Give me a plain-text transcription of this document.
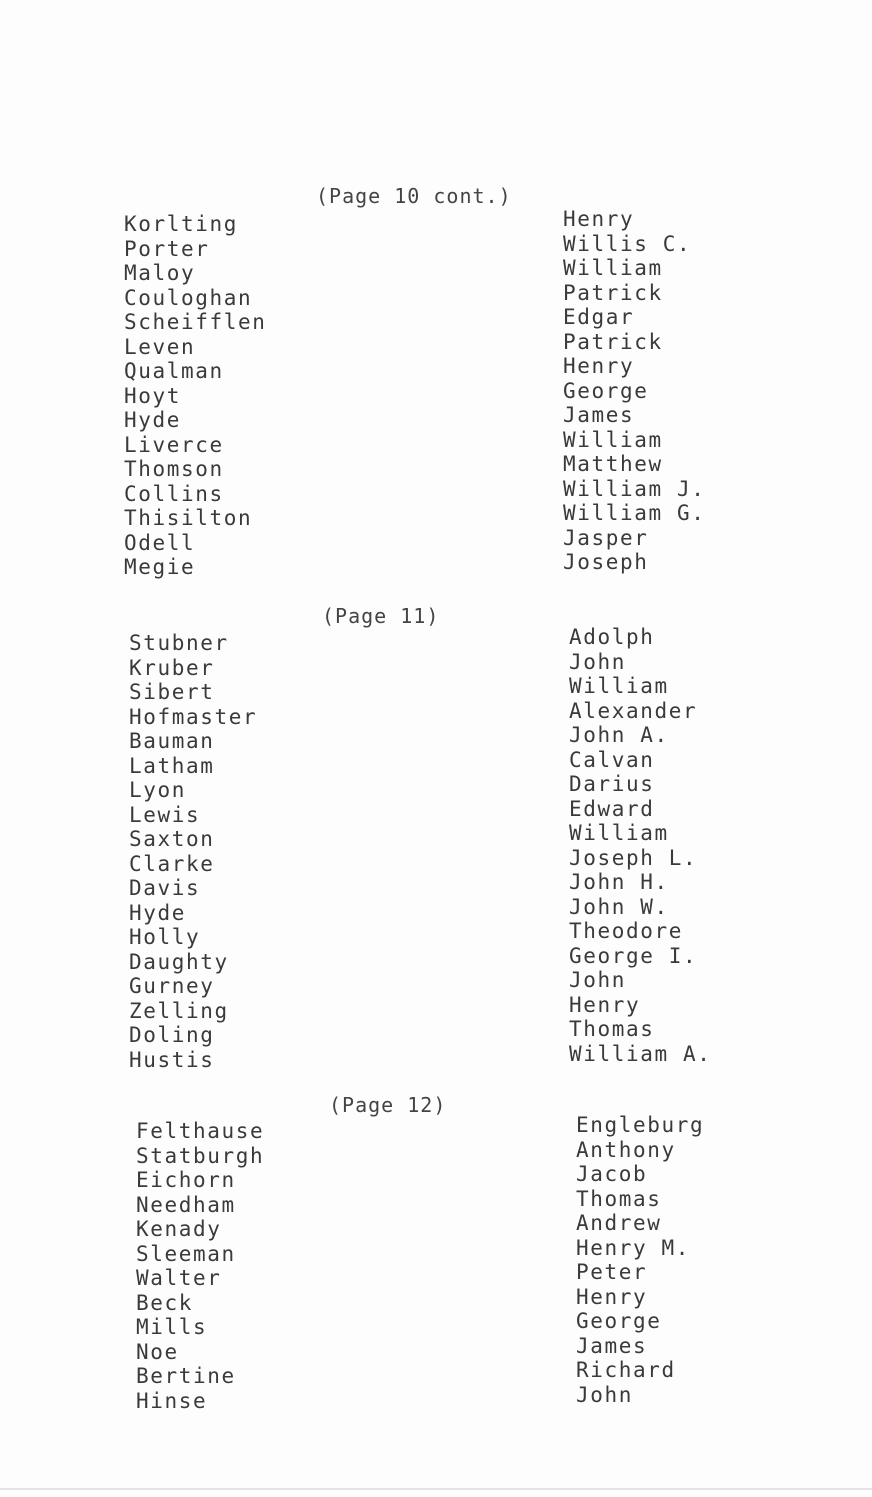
(Page 10 cont.)
Korlting
Porter
Maloy
Couloghan
Scheifflen
Leven
Qualman
Hoyt
Hyde
Liverce
Thomson
Collins
Thisilton
Odell
Megie
Henry
Willis C.
William
Patrick
Edgar
Patrick
Henry
George
James
William
Matthew
William J.
William G.
Jasper
Joseph
(Page 11)
Stubner
Kruber
Sibert
Hofmaster
Bauman
Latham
Lyon
Lewis
Saxton
Clarke
Davis
Hyde
Holly
Daughty
Gurney
Zelling
Doling
Hustis
Adolph
John
William
Alexander
John A.
Calvan
Darius
Edward
William
Joseph L.
John H.
John W.
Theodore
George I.
John
Henry
Thomas
William A.
(Page 12)
Felthause
Statburgh
Eichorn
Needham
Kenady
Sleeman
Walter
Beck
Mills
Noe
Bertine
Hinse
Engleburg
Anthony
Jacob
Thomas
Andrew
Henry M.
Peter
Henry
George
James
Richard
John
